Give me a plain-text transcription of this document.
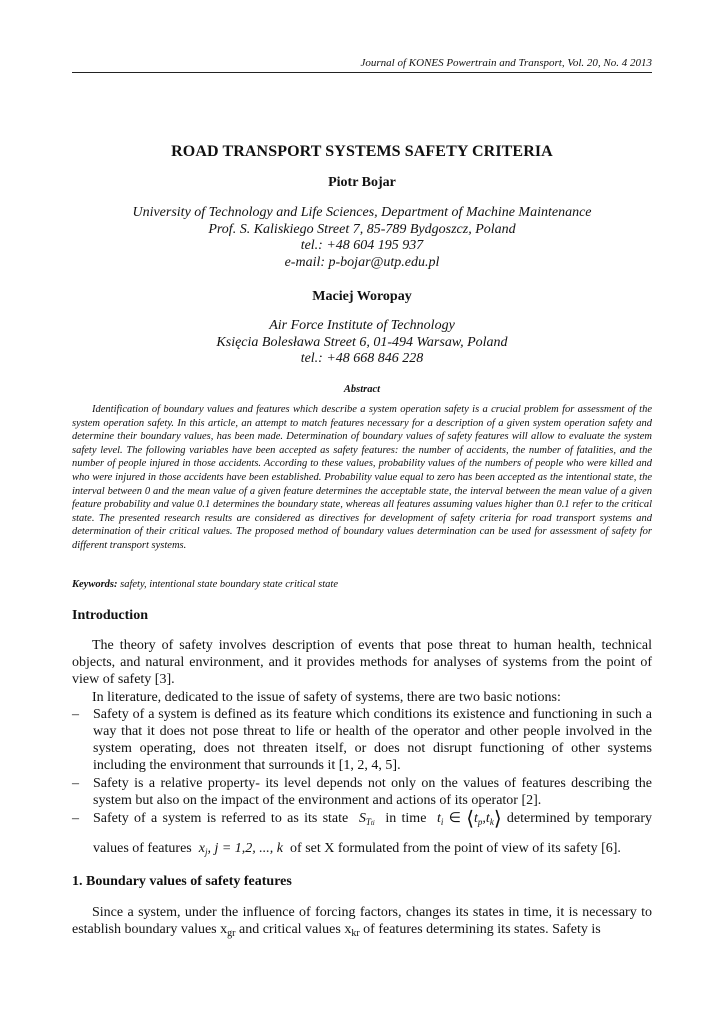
Journal of KONES Powertrain and Transport, Vol. 20, No. 4 2013
ROAD TRANSPORT SYSTEMS SAFETY CRITERIA
Piotr Bojar
University of Technology and Life Sciences, Department of Machine Maintenance
Prof. S. Kaliskiego Street 7, 85-789 Bydgoszcz, Poland
tel.: +48 604 195 937
e-mail: p-bojar@utp.edu.pl
Maciej Woropay
Air Force Institute of Technology
Księcia Bolesława Street 6, 01-494 Warsaw, Poland
tel.: +48 668 846 228
Abstract

Identification of boundary values and features which describe a system operation safety is a crucial problem for assessment of the system operation safety. In this article, an attempt to match features necessary for a description of a given system operation safety and determine their boundary values, has been made. Determination of boundary values of safety features will allow to evaluate the system safety level. The following variables have been accepted as safety features: the number of accidents, the number of fatalities, and the number of people injured in those accidents. According to these values, probability values of the numbers of people who were killed and who were injured in those accidents have been established. Probability value equal to zero has been accepted as the intentional state, the interval between 0 and the mean value of a given feature determines the acceptable state, the interval between the mean value of a given feature probability and value 0.1 determines the boundary state, whereas all features assuming values higher than 0.1 refer to the critical state. The presented research results are considered as directives for development of safety criteria for road transport systems and determination of their critical values. The proposed method of boundary values determination can be used for assessment of safety for different transport systems.

Keywords: safety, intentional state boundary state critical state
Introduction

The theory of safety involves description of events that pose threat to human health, technical objects, and natural environment, and it provides methods for analyses of systems from the point of view of safety [3].

In literature, dedicated to the issue of safety of systems, there are two basic notions:

– Safety of a system is defined as its feature which conditions its existence and functioning in such a way that it does not pose threat to life or health of the operator and other people involved in the system operating, does not threaten itself, or does not disrupt functioning of other systems including the environment that surrounds it [1, 2, 4, 5].

– Safety is a relative property- its level depends not only on the values of features describing the system but also on the impact of the environment and actions of its operator [2].

– Safety of a system is referred to as its state $S_{Tti}$ in time $t_i$ ∈ $⟨t_p,t_k⟩$ determined by temporary values of features $x_j$, j = 1,2, ..., k of set X formulated from the point of view of its safety [6].

1. Boundary values of safety features

Since a system, under the influence of forcing factors, changes its states in time, it is necessary to establish boundary values $x_{gr}$ and critical values $x_{kr}$ of features determining its states. Safety is
